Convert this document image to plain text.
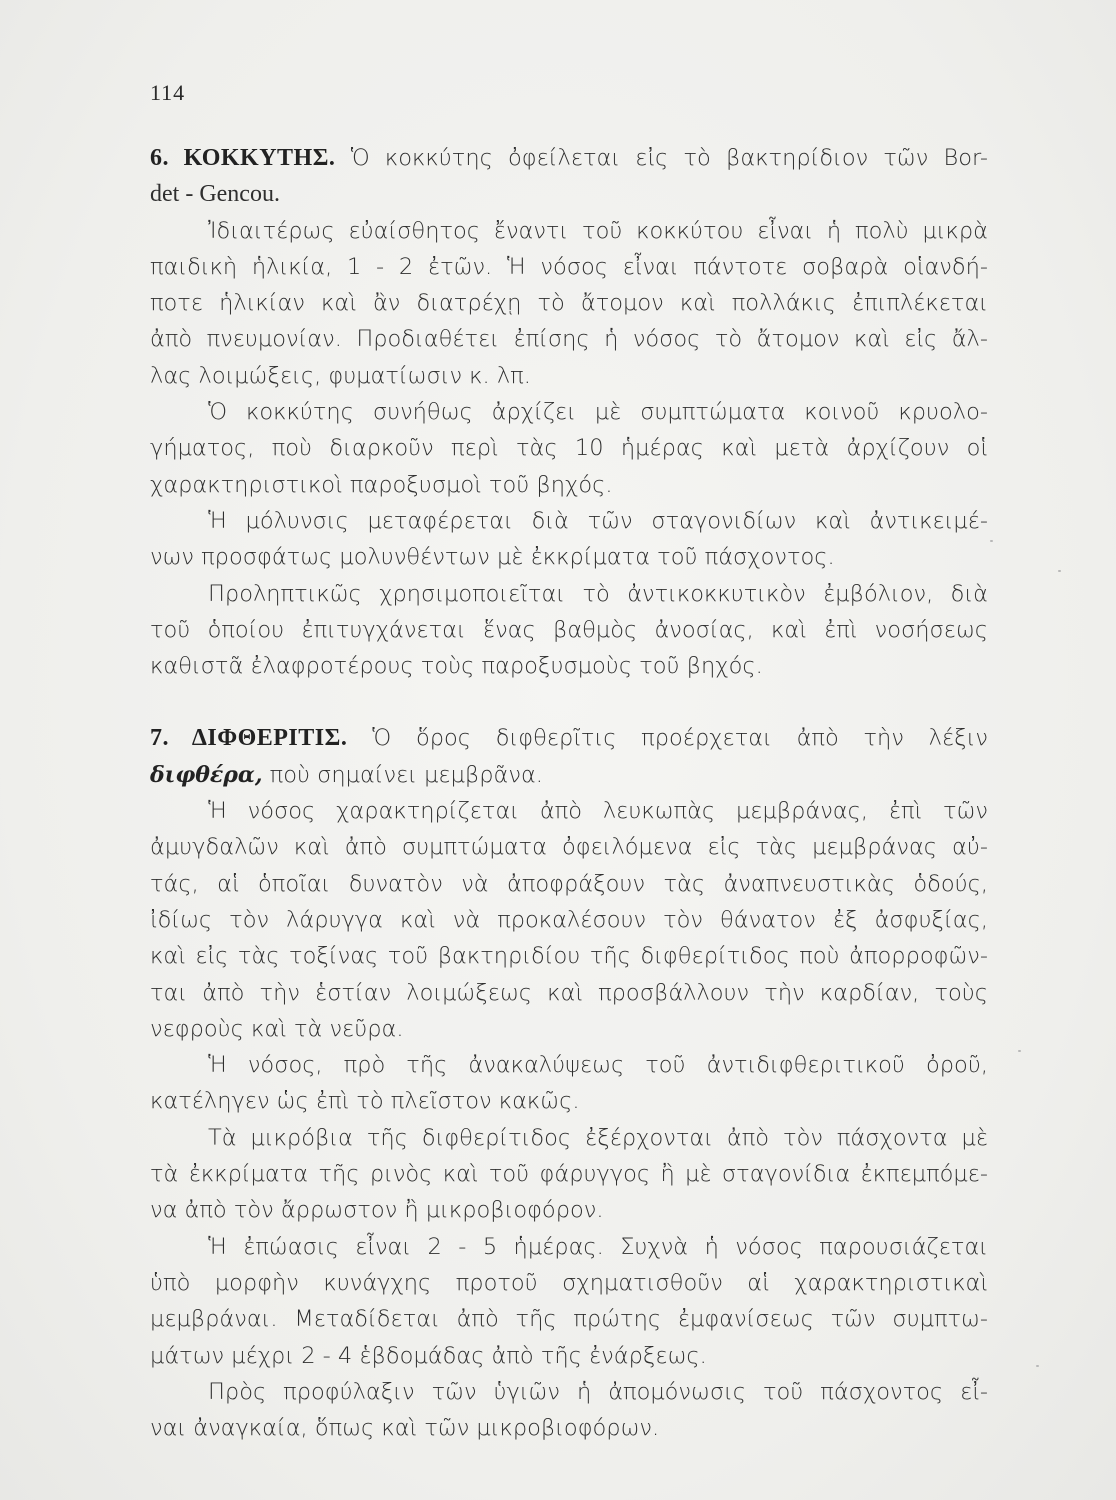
114
6. ΚΟΚΚΥΤΗΣ. Ὁ κοκκύτης ὀφείλεται εἰς τὸ βακτηρίδιον τῶν Bor-
det - Gencou.
Ἰδιαιτέρως εὐαίσθητος ἔναντι τοῦ κοκκύτου εἶναι ἡ πολὺ μικρὰ
παιδικὴ ἡλικία, 1 - 2 ἐτῶν. Ἡ νόσος εἶναι πάντοτε σοβαρὰ οἱανδή-
ποτε ἡλικίαν καὶ ἂν διατρέχῃ τὸ ἄτομον καὶ πολλάκις ἐπιπλέκεται
ἀπὸ πνευμονίαν. Προδιαθέτει ἐπίσης ἡ νόσος τὸ ἄτομον καὶ εἰς ἄλ-
λας λοιμώξεις, φυματίωσιν κ. λπ.
Ὁ κοκκύτης συνήθως ἀρχίζει μὲ συμπτώματα κοινοῦ κρυολο-
γήματος, ποὺ διαρκοῦν περὶ τὰς 10 ἡμέρας καὶ μετὰ ἀρχίζουν οἱ
χαρακτηριστικοὶ παροξυσμοὶ τοῦ βηχός.
Ἡ μόλυνσις μεταφέρεται διὰ τῶν σταγονιδίων καὶ ἀντικειμέ-
νων προσφάτως μολυνθέντων μὲ ἐκκρίματα τοῦ πάσχοντος.
Προληπτικῶς χρησιμοποιεῖται τὸ ἀντικοκκυτικὸν ἐμβόλιον, διὰ
τοῦ ὁποίου ἐπιτυγχάνεται ἕνας βαθμὸς ἀνοσίας, καὶ ἐπὶ νοσήσεως
καθιστᾶ ἐλαφροτέρους τοὺς παροξυσμοὺς τοῦ βηχός.
7. ΔΙΦΘΕΡΙΤΙΣ. Ὁ ὅρος διφθερῖτις προέρχεται ἀπὸ τὴν λέξιν
διφθέρα, ποὺ σημαίνει μεμβρᾶνα.
Ἡ νόσος χαρακτηρίζεται ἀπὸ λευκωπὰς μεμβράνας, ἐπὶ τῶν
ἀμυγδαλῶν καὶ ἀπὸ συμπτώματα ὀφειλόμενα εἰς τὰς μεμβράνας αὐ-
τάς, αἱ ὁποῖαι δυνατὸν νὰ ἀποφράξουν τὰς ἀναπνευστικὰς ὁδούς,
ἰδίως τὸν λάρυγγα καὶ νὰ προκαλέσουν τὸν θάνατον ἐξ ἀσφυξίας,
καὶ εἰς τὰς τοξίνας τοῦ βακτηριδίου τῆς διφθερίτιδος ποὺ ἀπορροφῶν-
ται ἀπὸ τὴν ἑστίαν λοιμώξεως καὶ προσβάλλουν τὴν καρδίαν, τοὺς
νεφροὺς καὶ τὰ νεῦρα.
Ἡ νόσος, πρὸ τῆς ἀνακαλύψεως τοῦ ἀντιδιφθεριτικοῦ ὀροῦ,
κατέληγεν ὡς ἐπὶ τὸ πλεῖστον κακῶς.
Τὰ μικρόβια τῆς διφθερίτιδος ἐξέρχονται ἀπὸ τὸν πάσχοντα μὲ
τὰ ἐκκρίματα τῆς ρινὸς καὶ τοῦ φάρυγγος ἢ μὲ σταγονίδια ἐκπεμπόμε-
να ἀπὸ τὸν ἄρρωστον ἢ μικροβιοφόρον.
Ἡ ἐπώασις εἶναι 2 - 5 ἡμέρας. Συχνὰ ἡ νόσος παρουσιάζεται
ὑπὸ μορφὴν κυνάγχης προτοῦ σχηματισθοῦν αἱ χαρακτηριστικαὶ
μεμβράναι. Μεταδίδεται ἀπὸ τῆς πρώτης ἐμφανίσεως τῶν συμπτω-
μάτων μέχρι 2 - 4 ἑβδομάδας ἀπὸ τῆς ἐνάρξεως.
Πρὸς προφύλαξιν τῶν ὑγιῶν ἡ ἀπομόνωσις τοῦ πάσχοντος εἶ-
ναι ἀναγκαία, ὅπως καὶ τῶν μικροβιοφόρων.
